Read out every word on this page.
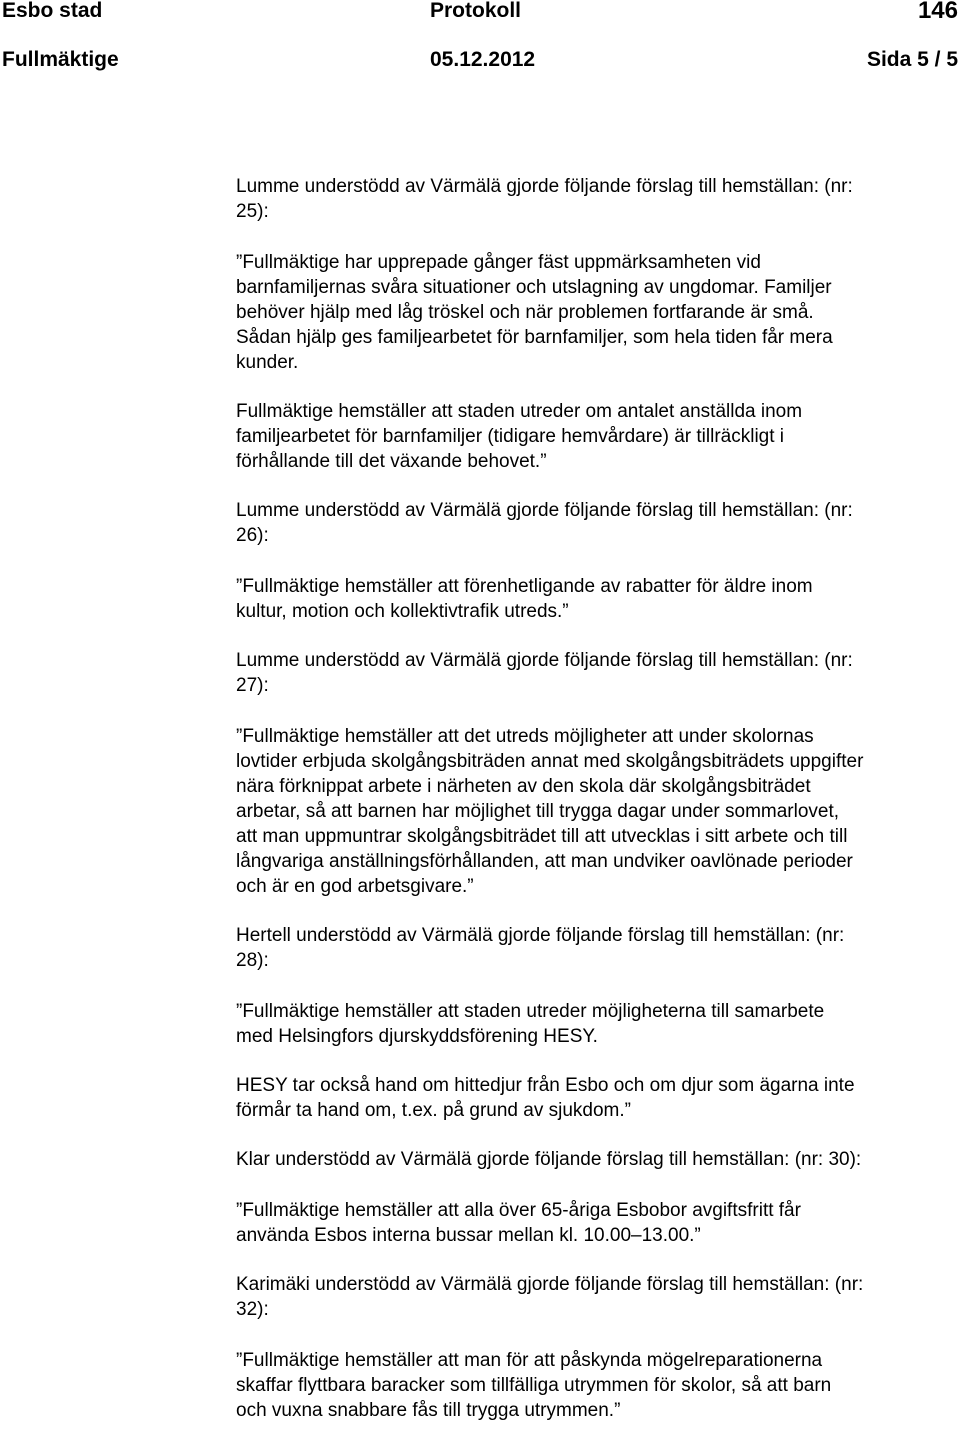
Esbo stad	Protokoll	146
Fullmäktige	05.12.2012	Sida 5 / 5

Lumme understödd av Värmälä gjorde följande förslag till hemställan: (nr:
25):

”Fullmäktige har upprepade gånger fäst uppmärksamheten vid
barnfamiljernas svåra situationer och utslagning av ungdomar. Familjer
behöver hjälp med låg tröskel och när problemen fortfarande är små.
Sådan hjälp ges familjearbetet för barnfamiljer, som hela tiden får mera
kunder.

Fullmäktige hemställer att staden utreder om antalet anställda inom
familjearbetet för barnfamiljer (tidigare hemvårdare) är tillräckligt i
förhållande till det växande behovet.”

Lumme understödd av Värmälä gjorde följande förslag till hemställan: (nr:
26):

”Fullmäktige hemställer att förenhetligande av rabatter för äldre inom
kultur, motion och kollektivtrafik utreds.”

Lumme understödd av Värmälä gjorde följande förslag till hemställan: (nr:
27):

”Fullmäktige hemställer att det utreds möjligheter att under skolornas
lovtider erbjuda skolgångsbiträden annat med skolgångsbiträdets uppgifter
nära förknippat arbete i närheten av den skola där skolgångsbiträdet
arbetar, så att barnen har möjlighet till trygga dagar under sommarlovet,
att man uppmuntrar skolgångsbiträdet till att utvecklas i sitt arbete och till
långvariga anställningsförhållanden, att man undviker oavlönade perioder
och är en god arbetsgivare.”

Hertell understödd av Värmälä gjorde följande förslag till hemställan: (nr:
28):

”Fullmäktige hemställer att staden utreder möjligheterna till samarbete
med Helsingfors djurskyddsförening HESY.

HESY tar också hand om hittedjur från Esbo och om djur som ägarna inte
förmår ta hand om, t.ex. på grund av sjukdom.”

Klar understödd av Värmälä gjorde följande förslag till hemställan: (nr: 30):

”Fullmäktige hemställer att alla över 65-åriga Esbobor avgiftsfritt får
använda Esbos interna bussar mellan kl. 10.00–13.00.”

Karimäki understödd av Värmälä gjorde följande förslag till hemställan: (nr:
32):

”Fullmäktige hemställer att man för att påskynda mögelreparationerna
skaffar flyttbara baracker som tillfälliga utrymmen för skolor, så att barn
och vuxna snabbare fås till trygga utrymmen.”
